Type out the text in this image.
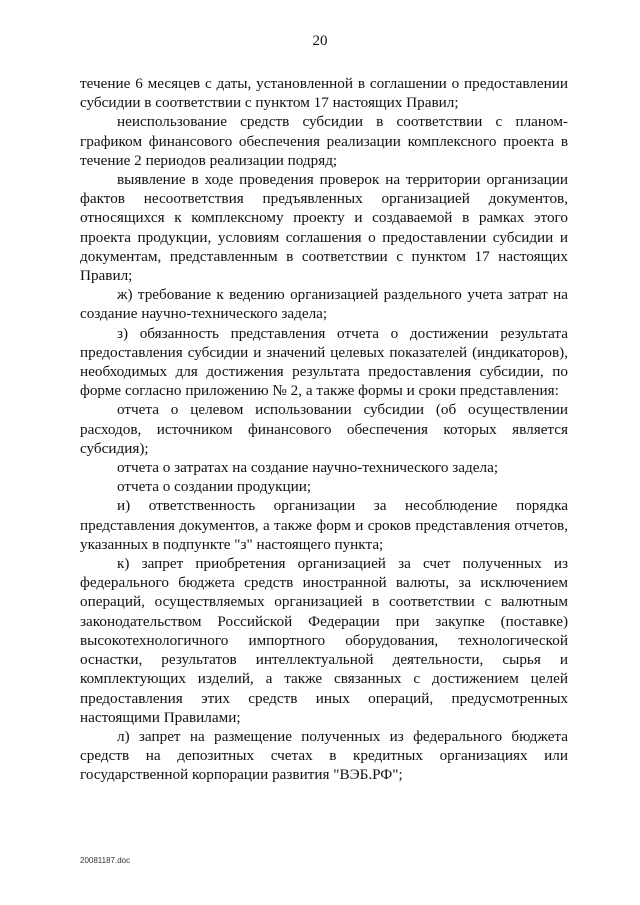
20

течение 6 месяцев с даты, установленной в соглашении о предоставлении субсидии в соответствии с пунктом 17 настоящих Правил;

неиспользование средств субсидии в соответствии с планом-графиком финансового обеспечения реализации комплексного проекта в течение 2 периодов реализации подряд;

выявление в ходе проведения проверок на территории организации фактов несоответствия предъявленных организацией документов, относящихся к комплексному проекту и создаваемой в рамках этого проекта продукции, условиям соглашения о предоставлении субсидии и документам, представленным в соответствии с пунктом 17 настоящих Правил;

ж) требование к ведению организацией раздельного учета затрат на создание научно-технического задела;

з) обязанность представления отчета о достижении результата предоставления субсидии и значений целевых показателей (индикаторов), необходимых для достижения результата предоставления субсидии, по форме согласно приложению № 2, а также формы и сроки представления:

отчета о целевом использовании субсидии (об осуществлении расходов, источником финансового обеспечения которых является субсидия);

отчета о затратах на создание научно-технического задела;

отчета о создании продукции;

и) ответственность организации за несоблюдение порядка представления документов, а также форм и сроков представления отчетов, указанных в подпункте "з" настоящего пункта;

к) запрет приобретения организацией за счет полученных из федерального бюджета средств иностранной валюты, за исключением операций, осуществляемых организацией в соответствии с валютным законодательством Российской Федерации при закупке (поставке) высокотехнологичного импортного оборудования, технологической оснастки, результатов интеллектуальной деятельности, сырья и комплектующих изделий, а также связанных с достижением целей предоставления этих средств иных операций, предусмотренных настоящими Правилами;

л) запрет на размещение полученных из федерального бюджета средств на депозитных счетах в кредитных организациях или государственной корпорации развития "ВЭБ.РФ";

20081187.doc
